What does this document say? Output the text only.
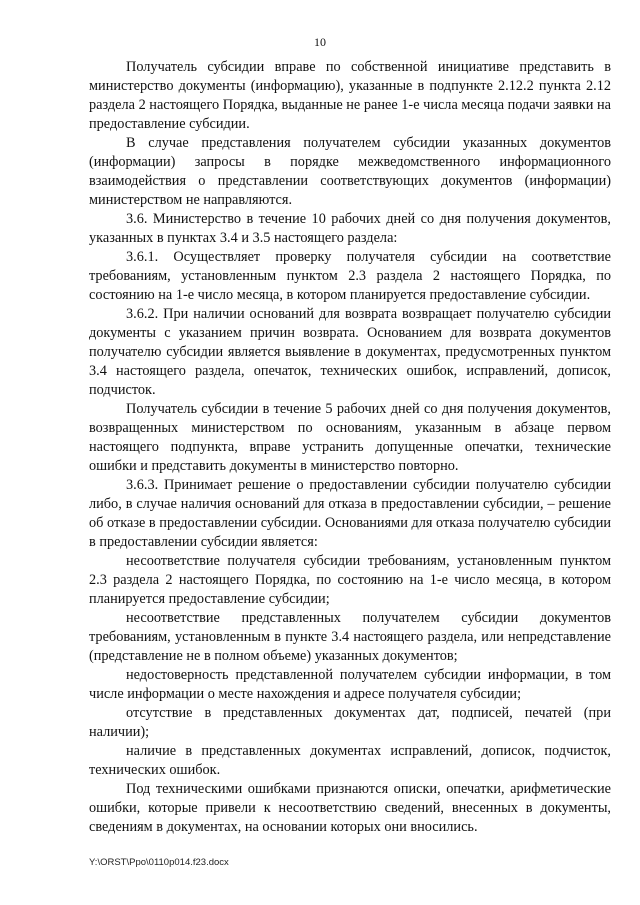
10

Получатель субсидии вправе по собственной инициативе представить в министерство документы (информацию), указанные в подпункте 2.12.2 пункта 2.12 раздела 2 настоящего Порядка, выданные не ранее 1-е числа месяца подачи заявки на предоставление субсидии.

В случае представления получателем субсидии указанных документов (информации) запросы в порядке межведомственного информационного взаимодействия о представлении соответствующих документов (информации) министерством не направляются.

3.6. Министерство в течение 10 рабочих дней со дня получения документов, указанных в пунктах 3.4 и 3.5 настоящего раздела:

3.6.1. Осуществляет проверку получателя субсидии на соответствие требованиям, установленным пунктом 2.3 раздела 2 настоящего Порядка, по состоянию на 1-е число месяца, в котором планируется предоставление субсидии.

3.6.2. При наличии оснований для возврата возвращает получателю субсидии документы с указанием причин возврата. Основанием для возврата документов получателю субсидии является выявление в документах, предусмотренных пунктом 3.4 настоящего раздела, опечаток, технических ошибок, исправлений, дописок, подчисток.

Получатель субсидии в течение 5 рабочих дней со дня получения документов, возвращенных министерством по основаниям, указанным в абзаце первом настоящего подпункта, вправе устранить допущенные опечатки, технические ошибки и представить документы в министерство повторно.

3.6.3. Принимает решение о предоставлении субсидии получателю субсидии либо, в случае наличия оснований для отказа в предоставлении субсидии, – решение об отказе в предоставлении субсидии. Основаниями для отказа получателю субсидии в предоставлении субсидии является:

несоответствие получателя субсидии требованиям, установленным пунктом 2.3 раздела 2 настоящего Порядка, по состоянию на 1-е число месяца, в котором планируется предоставление субсидии;

несоответствие представленных получателем субсидии документов требованиям, установленным в пункте 3.4 настоящего раздела, или непредставление (представление не в полном объеме) указанных документов;

недостоверность представленной получателем субсидии информации, в том числе информации о месте нахождения и адресе получателя субсидии;

отсутствие в представленных документах дат, подписей, печатей (при наличии);

наличие в представленных документах исправлений, дописок, подчисток, технических ошибок.

Под техническими ошибками признаются описки, опечатки, арифметические ошибки, которые привели к несоответствию сведений, внесенных в документы, сведениям в документах, на основании которых они вносились.

Y:\ORST\Ppo\0110p014.f23.docx
